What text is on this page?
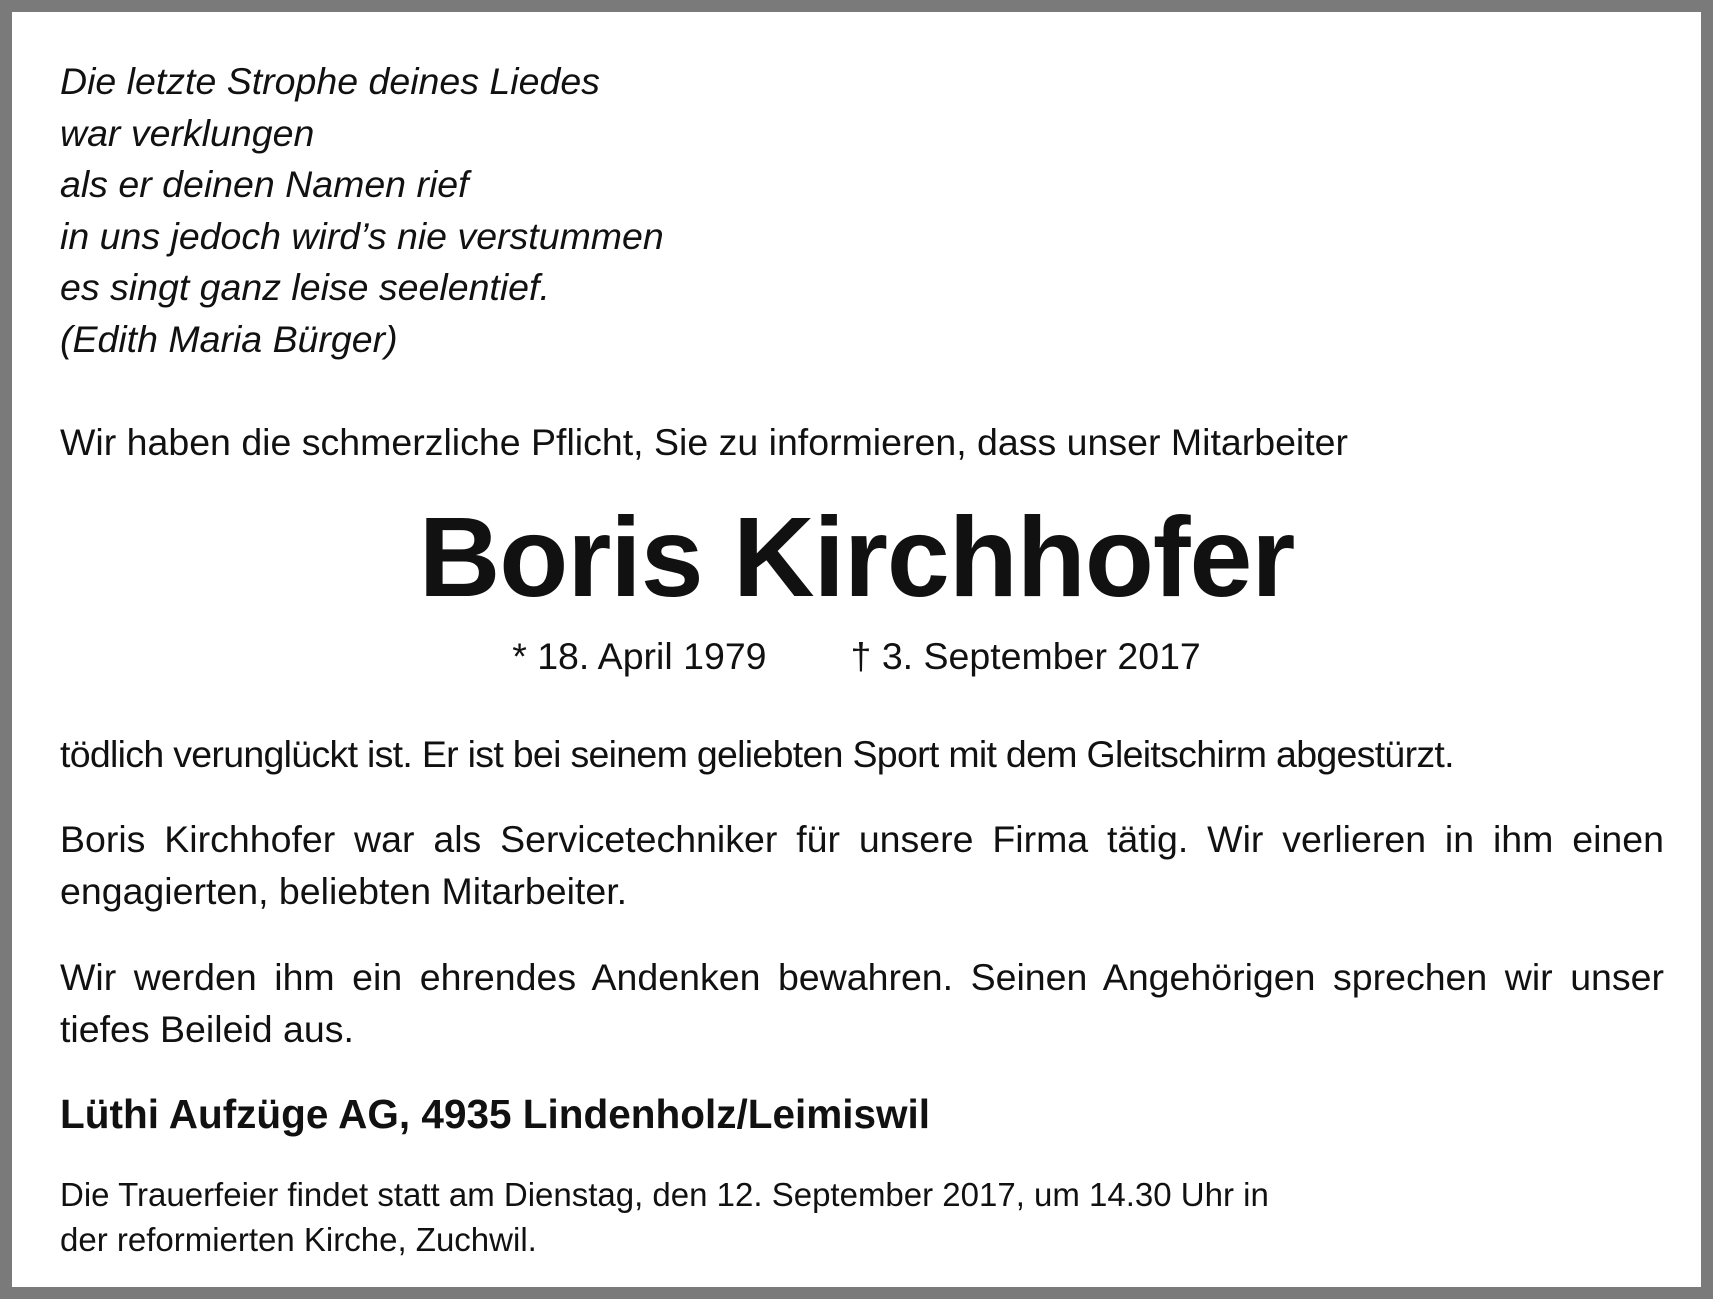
Die letzte Strophe deines Liedes
war verklungen
als er deinen Namen rief
in uns jedoch wird’s nie verstummen
es singt ganz leise seelentief.
(Edith Maria Bürger)
Wir haben die schmerzliche Pflicht, Sie zu informieren, dass unser Mitarbeiter
Boris Kirchhofer
* 18. April 1979 † 3. September 2017
tödlich verunglückt ist. Er ist bei seinem geliebten Sport mit dem Gleitschirm abgestürzt.
Boris Kirchhofer war als Servicetechniker für unsere Firma tätig. Wir verlieren in ihm einen engagierten, beliebten Mitarbeiter.
Wir werden ihm ein ehrendes Andenken bewahren. Seinen Angehörigen sprechen wir unser tiefes Beileid aus.
Lüthi Aufzüge AG, 4935 Lindenholz/Leimiswil
Die Trauerfeier findet statt am Dienstag, den 12. September 2017, um 14.30 Uhr in
der reformierten Kirche, Zuchwil.
